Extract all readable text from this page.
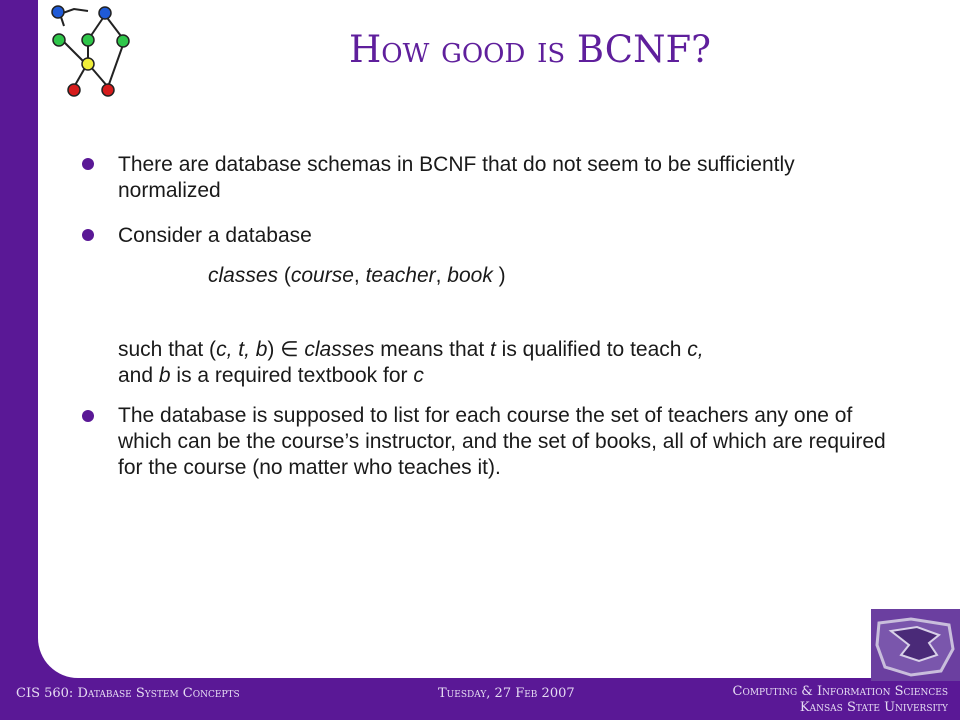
How good is BCNF?
There are database schemas in BCNF that do not seem to be sufficiently normalized
Consider a database
classes (course, teacher, book )
such that (c, t, b) ∈ classes means that t is qualified to teach c,
and b is a required textbook for c
The database is supposed to list for each course the set of teachers any one of which can be the course’s instructor, and the set of books, all of which are required for the course (no matter who teaches it).
CIS 560: Database System Concepts	Tuesday, 27 Feb 2007	Computing & Information Sciences
Kansas State University
